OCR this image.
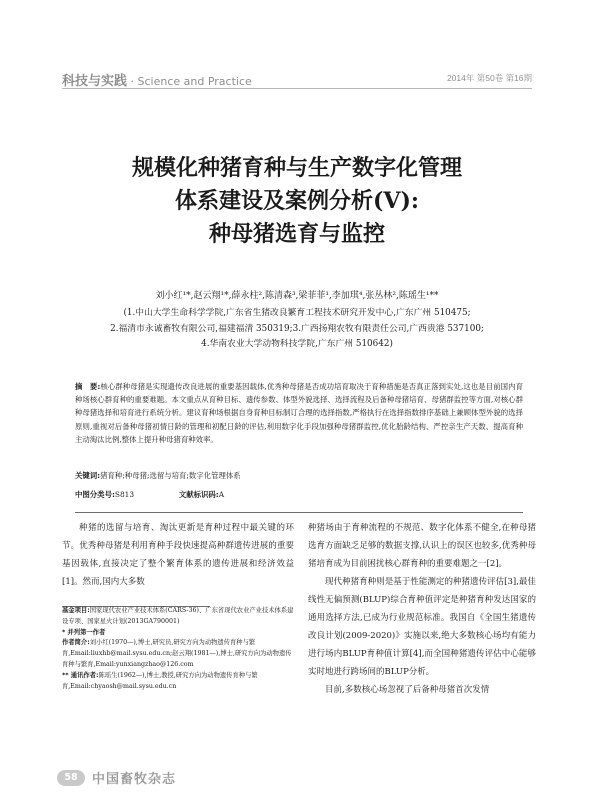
科技与实践 · Science and Practice	2014年 第50卷 第16期
规模化种猪育种与生产数字化管理
体系建设及案例分析(Ⅴ):
种母猪选育与监控
刘小红¹*,赵云翔¹*,薛永柱²,陈清森³,梁菲菲¹,李加琪⁴,张丛林²,陈瑶生¹**
(1.中山大学生命科学学院,广东省生猪改良繁育工程技术研究开发中心,广东广州 510475;
2.福清市永诚畜牧有限公司,福建福清 350319;3.广西扬翔农牧有限责任公司,广西贵港 537100;
4.华南农业大学动物科技学院,广东广州 510642)
摘　要:核心群种母猪是实现遗传改良进展的重要基因载体,优秀种母猪是否成功培育取决于育种措施是否真正落到实处,这也是目前国内育种场核心群育种的重要难题。本文重点从育种目标、遗传参数、体型外貌选择、选择流程及后备种母猪培育、母猪群监控等方面,对核心群种母猪选择和培育进行系统分析。建议育种场根据自身育种目标制订合理的选择指数,严格执行在选择指数排序基础上兼顾体型外貌的选择原则,重视对后备种母猪初情日龄的管理和初配日龄的评估,利用数字化手段加强种母猪群监控,优化胎龄结构、严控亲生产天数、提高育种主动淘汰比例,整体上提升种母猪育种效率。
关键词:猪育种;种母猪;选留与培育;数字化管理体系
中图分类号:S813	文献标识码:A

种猪的选留与培育、淘汰更新是育种过程中最关键的环节。优秀种母猪是利用育种手段快速提高种群遗传进展的重要基因载体,直接决定了整个繁育体系的遗传进展和经济效益[1]。然而,国内大多数

基金项目:国家现代农业产业技术体系(CARS-36)、广东省现代农业产业技术体系建设专项、国家星火计划(2013GA790001)
* 并列第一作者
作者简介:刘小红(1970—),博士,研究员,研究方向为动物遗传育种与繁育,Email:liuxhb@mail.sysu.edu.cn;赵云翔(1981—),博士,研究方向为动物遗传育种与繁育,Email:yunxiangzhao@126.com
** 通讯作者:陈瑶生(1962—),博士,教授,研究方向为动物遗传育种与繁育,Email:chyaosh@mail.sysu.edu.cn

种猪场由于育种流程的不规范、数字化体系不健全,在种母猪选育方面缺乏足够的数据支撑,认识上的误区也较多,优秀种母猪培育成为目前困扰核心群育种的重要难题之一[2]。

现代种猪育种则是基于性能测定的种猪遗传评估[3],最佳线性无偏预测(BLUP)综合育种值评定是种猪育种发达国家的通用选择方法,已成为行业规范标准。我国自《全国生猪遗传改良计划(2009-2020)》实施以来,绝大多数核心场均有能力进行场内BLUP育种值计算[4],而全国种猪遗传评估中心能够实时地进行跨场间的BLUP分析。

目前,多数核心场忽视了后备种母猪首次发情

58	中国畜牧杂志
